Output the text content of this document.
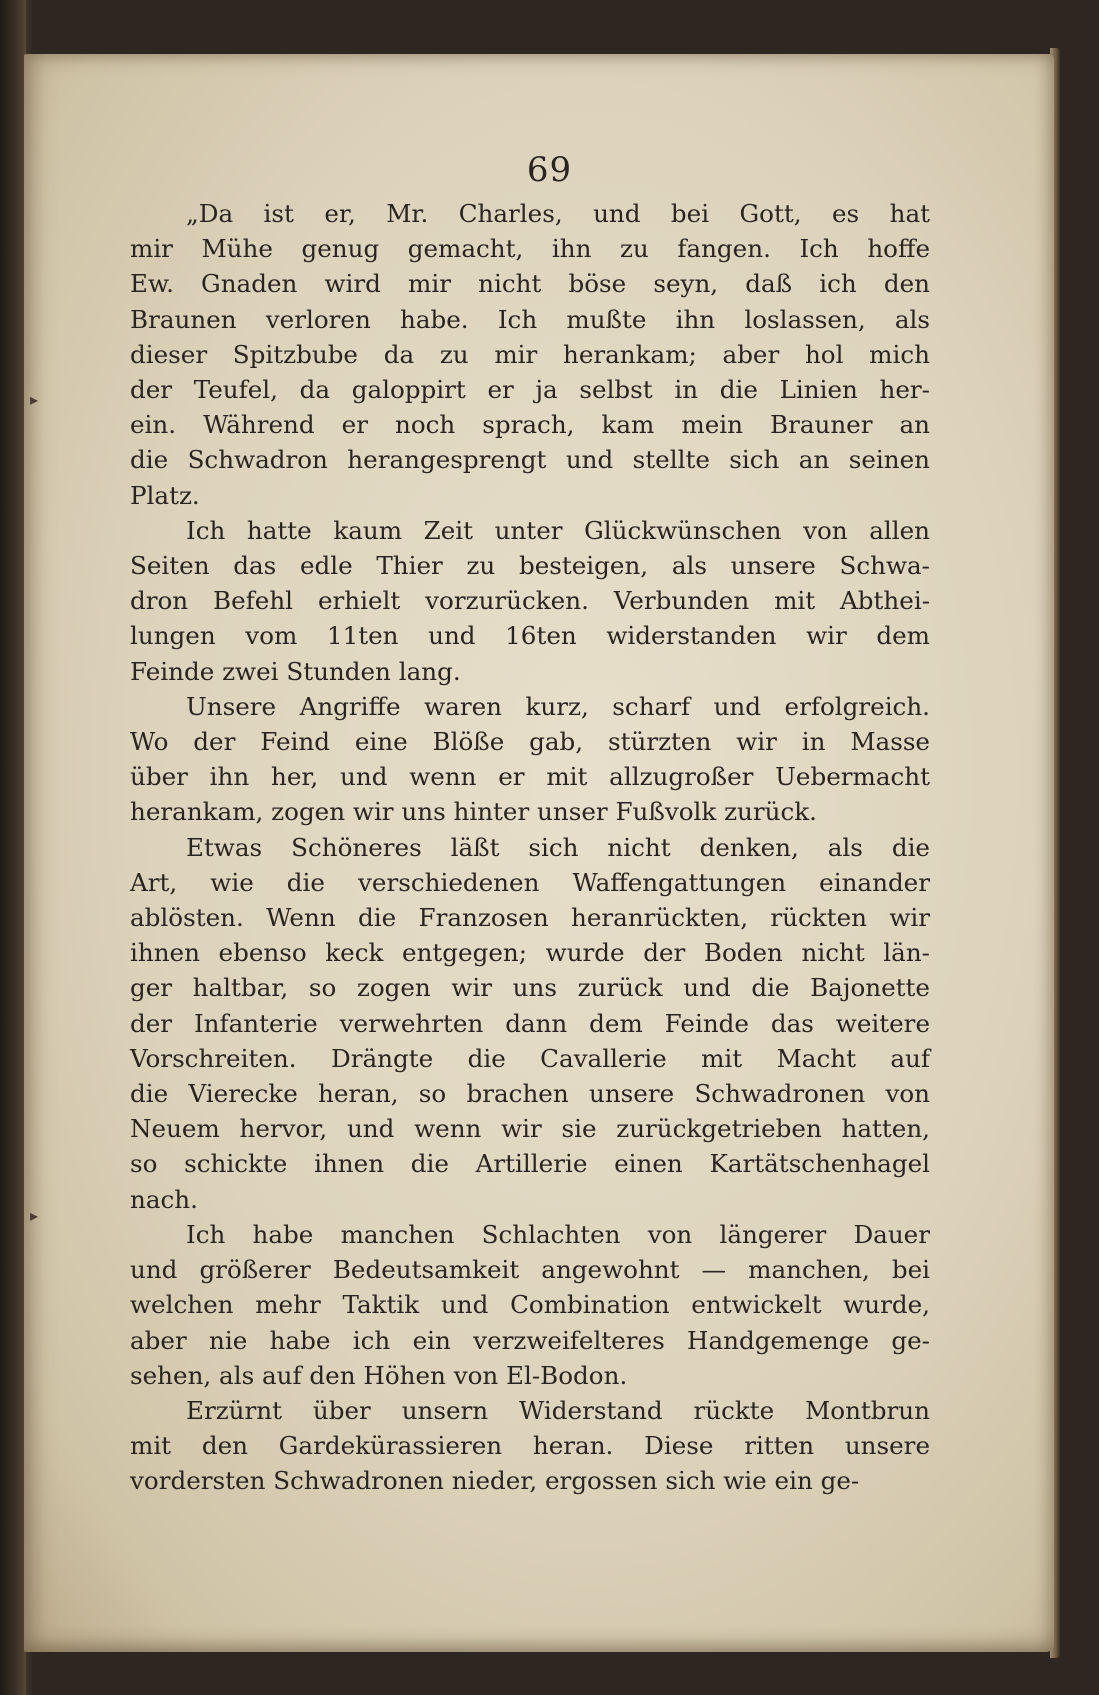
▸
▸
69
„Da ist er, Mr. Charles, und bei Gott, es hat
mir Mühe genug gemacht, ihn zu fangen. Ich hoffe
Ew. Gnaden wird mir nicht böse seyn, daß ich den
Braunen verloren habe. Ich mußte ihn loslassen, als
dieser Spitzbube da zu mir herankam; aber hol mich
der Teufel, da galoppirt er ja selbst in die Linien her-
ein. Während er noch sprach, kam mein Brauner an
die Schwadron herangesprengt und stellte sich an seinen
Platz.
Ich hatte kaum Zeit unter Glückwünschen von allen
Seiten das edle Thier zu besteigen, als unsere Schwa-
dron Befehl erhielt vorzurücken. Verbunden mit Abthei-
lungen vom 11ten und 16ten widerstanden wir dem
Feinde zwei Stunden lang.
Unsere Angriffe waren kurz, scharf und erfolgreich.
Wo der Feind eine Blöße gab, stürzten wir in Masse
über ihn her, und wenn er mit allzugroßer Uebermacht
herankam, zogen wir uns hinter unser Fußvolk zurück.
Etwas Schöneres läßt sich nicht denken, als die
Art, wie die verschiedenen Waffengattungen einander
ablösten. Wenn die Franzosen heranrückten, rückten wir
ihnen ebenso keck entgegen; wurde der Boden nicht län-
ger haltbar, so zogen wir uns zurück und die Bajonette
der Infanterie verwehrten dann dem Feinde das weitere
Vorschreiten. Drängte die Cavallerie mit Macht auf
die Vierecke heran, so brachen unsere Schwadronen von
Neuem hervor, und wenn wir sie zurückgetrieben hatten,
so schickte ihnen die Artillerie einen Kartätschenhagel
nach.
Ich habe manchen Schlachten von längerer Dauer
und größerer Bedeutsamkeit angewohnt — manchen, bei
welchen mehr Taktik und Combination entwickelt wurde,
aber nie habe ich ein verzweifelteres Handgemenge ge-
sehen, als auf den Höhen von El-Bodon.
Erzürnt über unsern Widerstand rückte Montbrun
mit den Gardekürassieren heran. Diese ritten unsere
vordersten Schwadronen nieder, ergossen sich wie ein ge-
